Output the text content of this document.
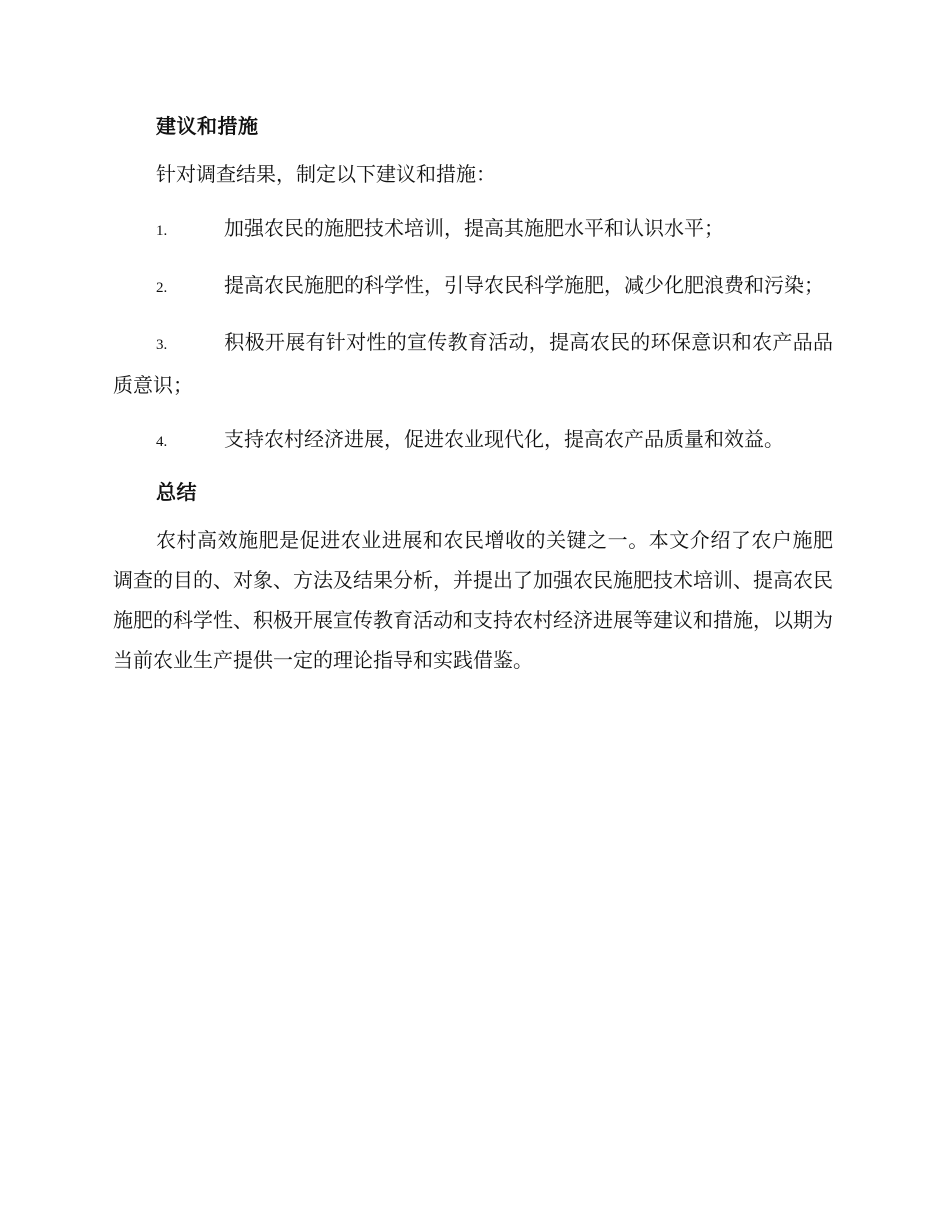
建议和措施

针对调查结果，制定以下建议和措施：

1.	加强农民的施肥技术培训，提高其施肥水平和认识水平；

2.	提高农民施肥的科学性，引导农民科学施肥，减少化肥浪费和污染；

3.	积极开展有针对性的宣传教育活动，提高农民的环保意识和农产品品质意识；

4.	支持农村经济进展，促进农业现代化，提高农产品质量和效益。

总结

农村高效施肥是促进农业进展和农民增收的关键之一。本文介绍了农户施肥调查的目的、对象、方法及结果分析，并提出了加强农民施肥技术培训、提高农民施肥的科学性、积极开展宣传教育活动和支持农村经济进展等建议和措施，以期为当前农业生产提供一定的理论指导和实践借鉴。
